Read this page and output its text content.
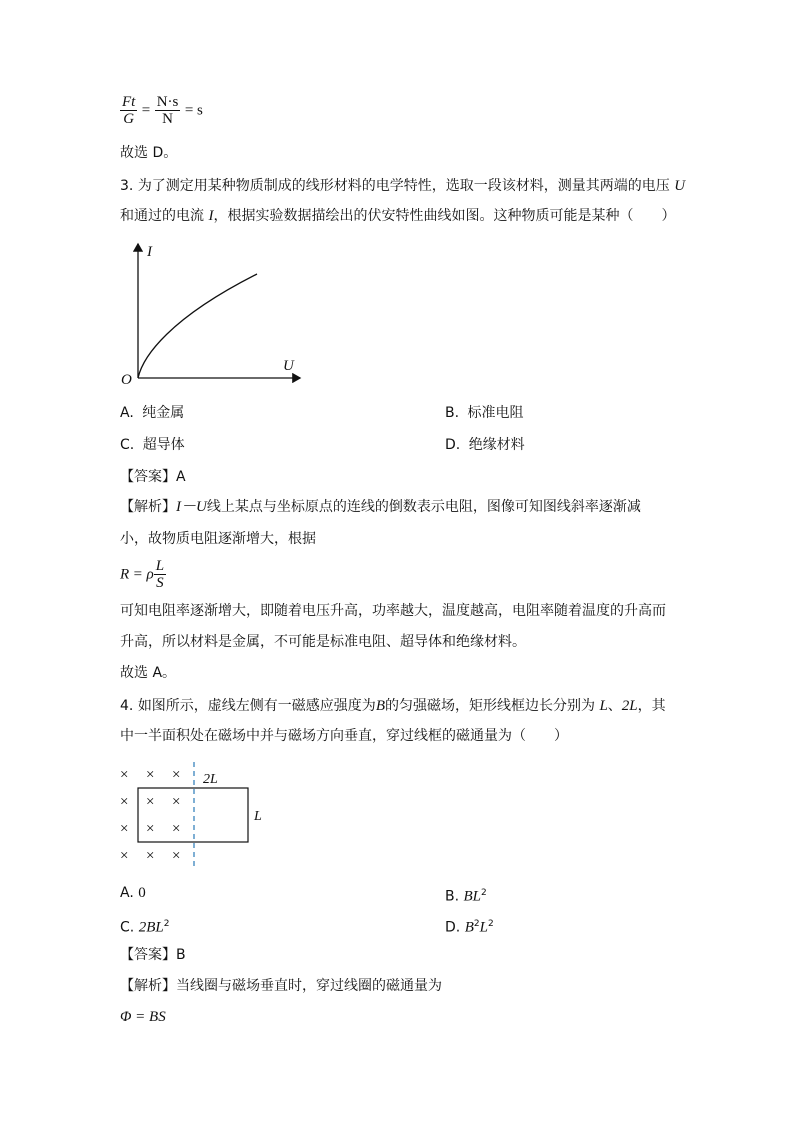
$\frac{Ft}{G} = \frac{N\cdot s}{N} = s$
故选 D。
3. 为了测定用某种物质制成的线形材料的电学特性，选取一段该材料，测量其两端的电压 U
和通过的电流 I，根据实验数据描绘出的伏安特性曲线如图。这种物质可能是某种（　　）
I
U
O
A. 纯金属	B. 标准电阻
C. 超导体	D. 绝缘材料
【答案】A
【解析】I－U线上某点与坐标原点的连线的倒数表示电阻，图像可知图线斜率逐渐减
小，故物质电阻逐渐增大，根据
R = ρ $\frac{L}{S}$
可知电阻率逐渐增大，即随着电压升高，功率越大，温度越高，电阻率随着温度的升高而
升高，所以材料是金属，不可能是标准电阻、超导体和绝缘材料。
故选 A。
4. 如图所示，虚线左侧有一磁感应强度为B的匀强磁场，矩形线框边长分别为 L、2L，其
中一半面积处在磁场中并与磁场方向垂直，穿过线框的磁通量为（　　）
× × ×
× × ×
× × ×
× × ×
2L
L
A. 0	B. $BL^2$
C. $2BL^2$	D. $B^2L^2$
【答案】B
【解析】当线圈与磁场垂直时，穿过线圈的磁通量为
Φ = BS
